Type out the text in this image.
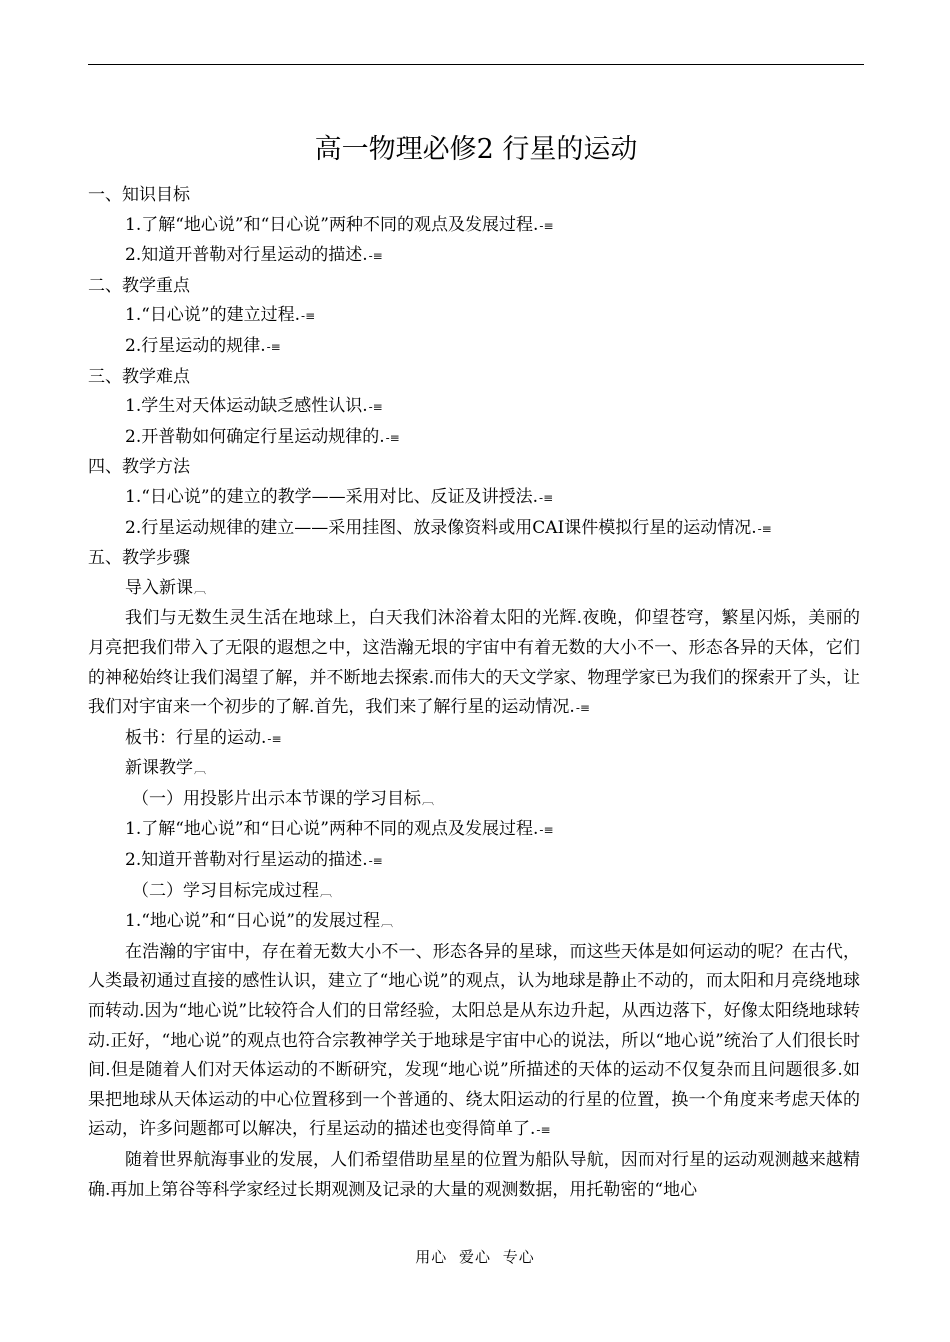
高一物理必修2 行星的运动
一、知识目标
1.了解“地心说”和“日心说”两种不同的观点及发展过程.-≡
2.知道开普勒对行星运动的描述.-≡
二、教学重点
1.“日心说”的建立过程.-≡
2.行星运动的规律.-≡
三、教学难点
1.学生对天体运动缺乏感性认识.-≡
2.开普勒如何确定行星运动规律的.-≡
四、教学方法
1.“日心说”的建立的教学——采用对比、反证及讲授法.-≡
2.行星运动规律的建立——采用挂图、放录像资料或用CAI课件模拟行星的运动情况.-≡
五、教学步骤
导入新课︹
我们与无数生灵生活在地球上，白天我们沐浴着太阳的光辉.夜晚，仰望苍穹，繁星闪烁，美丽的月亮把我们带入了无限的遐想之中，这浩瀚无垠的宇宙中有着无数的大小不一、形态各异的天体，它们的神秘始终让我们渴望了解，并不断地去探索.而伟大的天文学家、物理学家已为我们的探索开了头，让我们对宇宙来一个初步的了解.首先，我们来了解行星的运动情况.-≡
板书：行星的运动.-≡
新课教学︹
（一）用投影片出示本节课的学习目标︹
1.了解“地心说”和“日心说”两种不同的观点及发展过程.-≡
2.知道开普勒对行星运动的描述.-≡
（二）学习目标完成过程︹
1.“地心说”和“日心说”的发展过程︹
在浩瀚的宇宙中，存在着无数大小不一、形态各异的星球，而这些天体是如何运动的呢？在古代，人类最初通过直接的感性认识，建立了“地心说”的观点，认为地球是静止不动的，而太阳和月亮绕地球而转动.因为“地心说”比较符合人们的日常经验，太阳总是从东边升起，从西边落下，好像太阳绕地球转动.正好，“地心说”的观点也符合宗教神学关于地球是宇宙中心的说法，所以“地心说”统治了人们很长时间.但是随着人们对天体运动的不断研究，发现“地心说”所描述的天体的运动不仅复杂而且问题很多.如果把地球从天体运动的中心位置移到一个普通的、绕太阳运动的行星的位置，换一个角度来考虑天体的运动，许多问题都可以解决，行星运动的描述也变得简单了.-≡
随着世界航海事业的发展，人们希望借助星星的位置为船队导航，因而对行星的运动观测越来越精确.再加上第谷等科学家经过长期观测及记录的大量的观测数据，用托勒密的“地心
用心 爱心 专心
